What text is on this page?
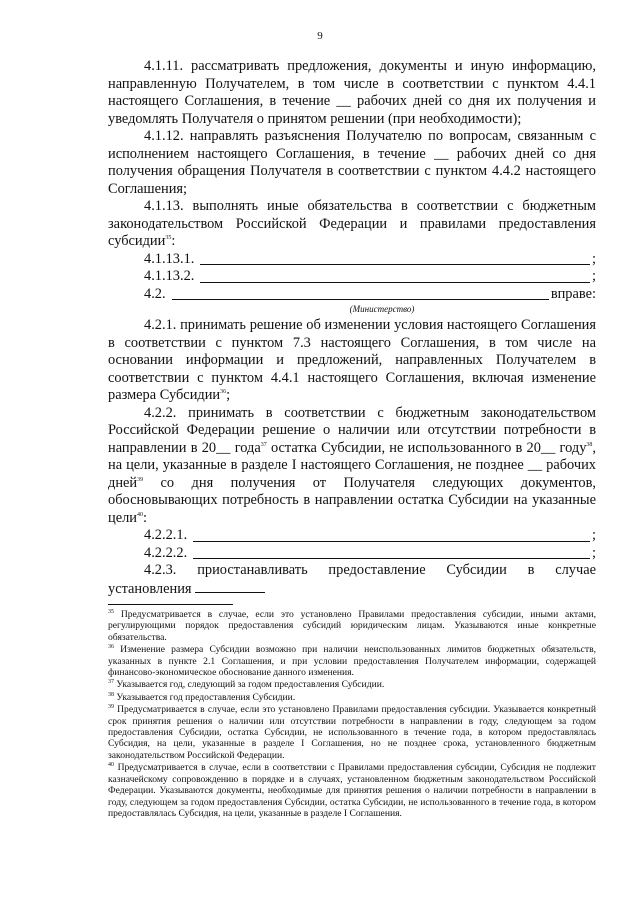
9

4.1.11. рассматривать предложения, документы и иную информацию, направленную Получателем, в том числе в соответствии с пунктом 4.4.1 настоящего Соглашения, в течение __ рабочих дней со дня их получения и уведомлять Получателя о принятом решении (при необходимости);

4.1.12. направлять разъяснения Получателю по вопросам, связанным с исполнением настоящего Соглашения, в течение __ рабочих дней со дня получения обращения Получателя в соответствии с пунктом 4.4.2 настоящего Соглашения;

4.1.13. выполнять иные обязательства в соответствии с бюджетным законодательством Российской Федерации и правилами предоставления субсидии$^{35}$:

4.1.13.1.	;
4.1.13.2.	;
4.2.	вправе:
(Министерство)

4.2.1. принимать решение об изменении условия настоящего Соглашения в соответствии с пунктом 7.3 настоящего Соглашения, в том числе на основании информации и предложений, направленных Получателем в соответствии с пунктом 4.4.1 настоящего Соглашения, включая изменение размера Субсидии$^{36}$;

4.2.2. принимать в соответствии с бюджетным законодательством Российской Федерации решение о наличии или отсутствии потребности в направлении в 20__ года$^{37}$ остатка Субсидии, не использованного в 20__ году$^{38}$, на цели, указанные в разделе I настоящего Соглашения, не позднее __ рабочих дней$^{39}$ со дня получения от Получателя следующих документов, обосновывающих потребность в направлении остатка Субсидии на указанные цели$^{40}$:

4.2.2.1.	;
4.2.2.2.	;

4.2.3. приостанавливать предоставление Субсидии в случае

установления

$^{35}$ Предусматривается в случае, если это установлено Правилами предоставления субсидии, иными актами, регулирующими порядок предоставления субсидий юридическим лицам. Указываются иные конкретные обязательства.

$^{36}$ Изменение размера Субсидии возможно при наличии неиспользованных лимитов бюджетных обязательств, указанных в пункте 2.1 Соглашения, и при условии предоставления Получателем информации, содержащей финансово-экономическое обоснование данного изменения.

$^{37}$ Указывается год, следующий за годом предоставления Субсидии.

$^{38}$ Указывается год предоставления Субсидии.

$^{39}$ Предусматривается в случае, если это установлено Правилами предоставления субсидии. Указывается конкретный срок принятия решения о наличии или отсутствии потребности в направлении в году, следующем за годом предоставления Субсидии, остатка Субсидии, не использованного в течение года, в котором предоставлялась Субсидия, на цели, указанные в разделе I Соглашения, но не позднее срока, установленного бюджетным законодательством Российской Федерации.

$^{40}$ Предусматривается в случае, если в соответствии с Правилами предоставления субсидии, Субсидия не подлежит казначейскому сопровождению в порядке и в случаях, установленном бюджетным законодательством Российской Федерации. Указываются документы, необходимые для принятия решения о наличии потребности в направлении в году, следующем за годом предоставления Субсидии, остатка Субсидии, не использованного в течение года, в котором предоставлялась Субсидия, на цели, указанные в разделе I Соглашения.
